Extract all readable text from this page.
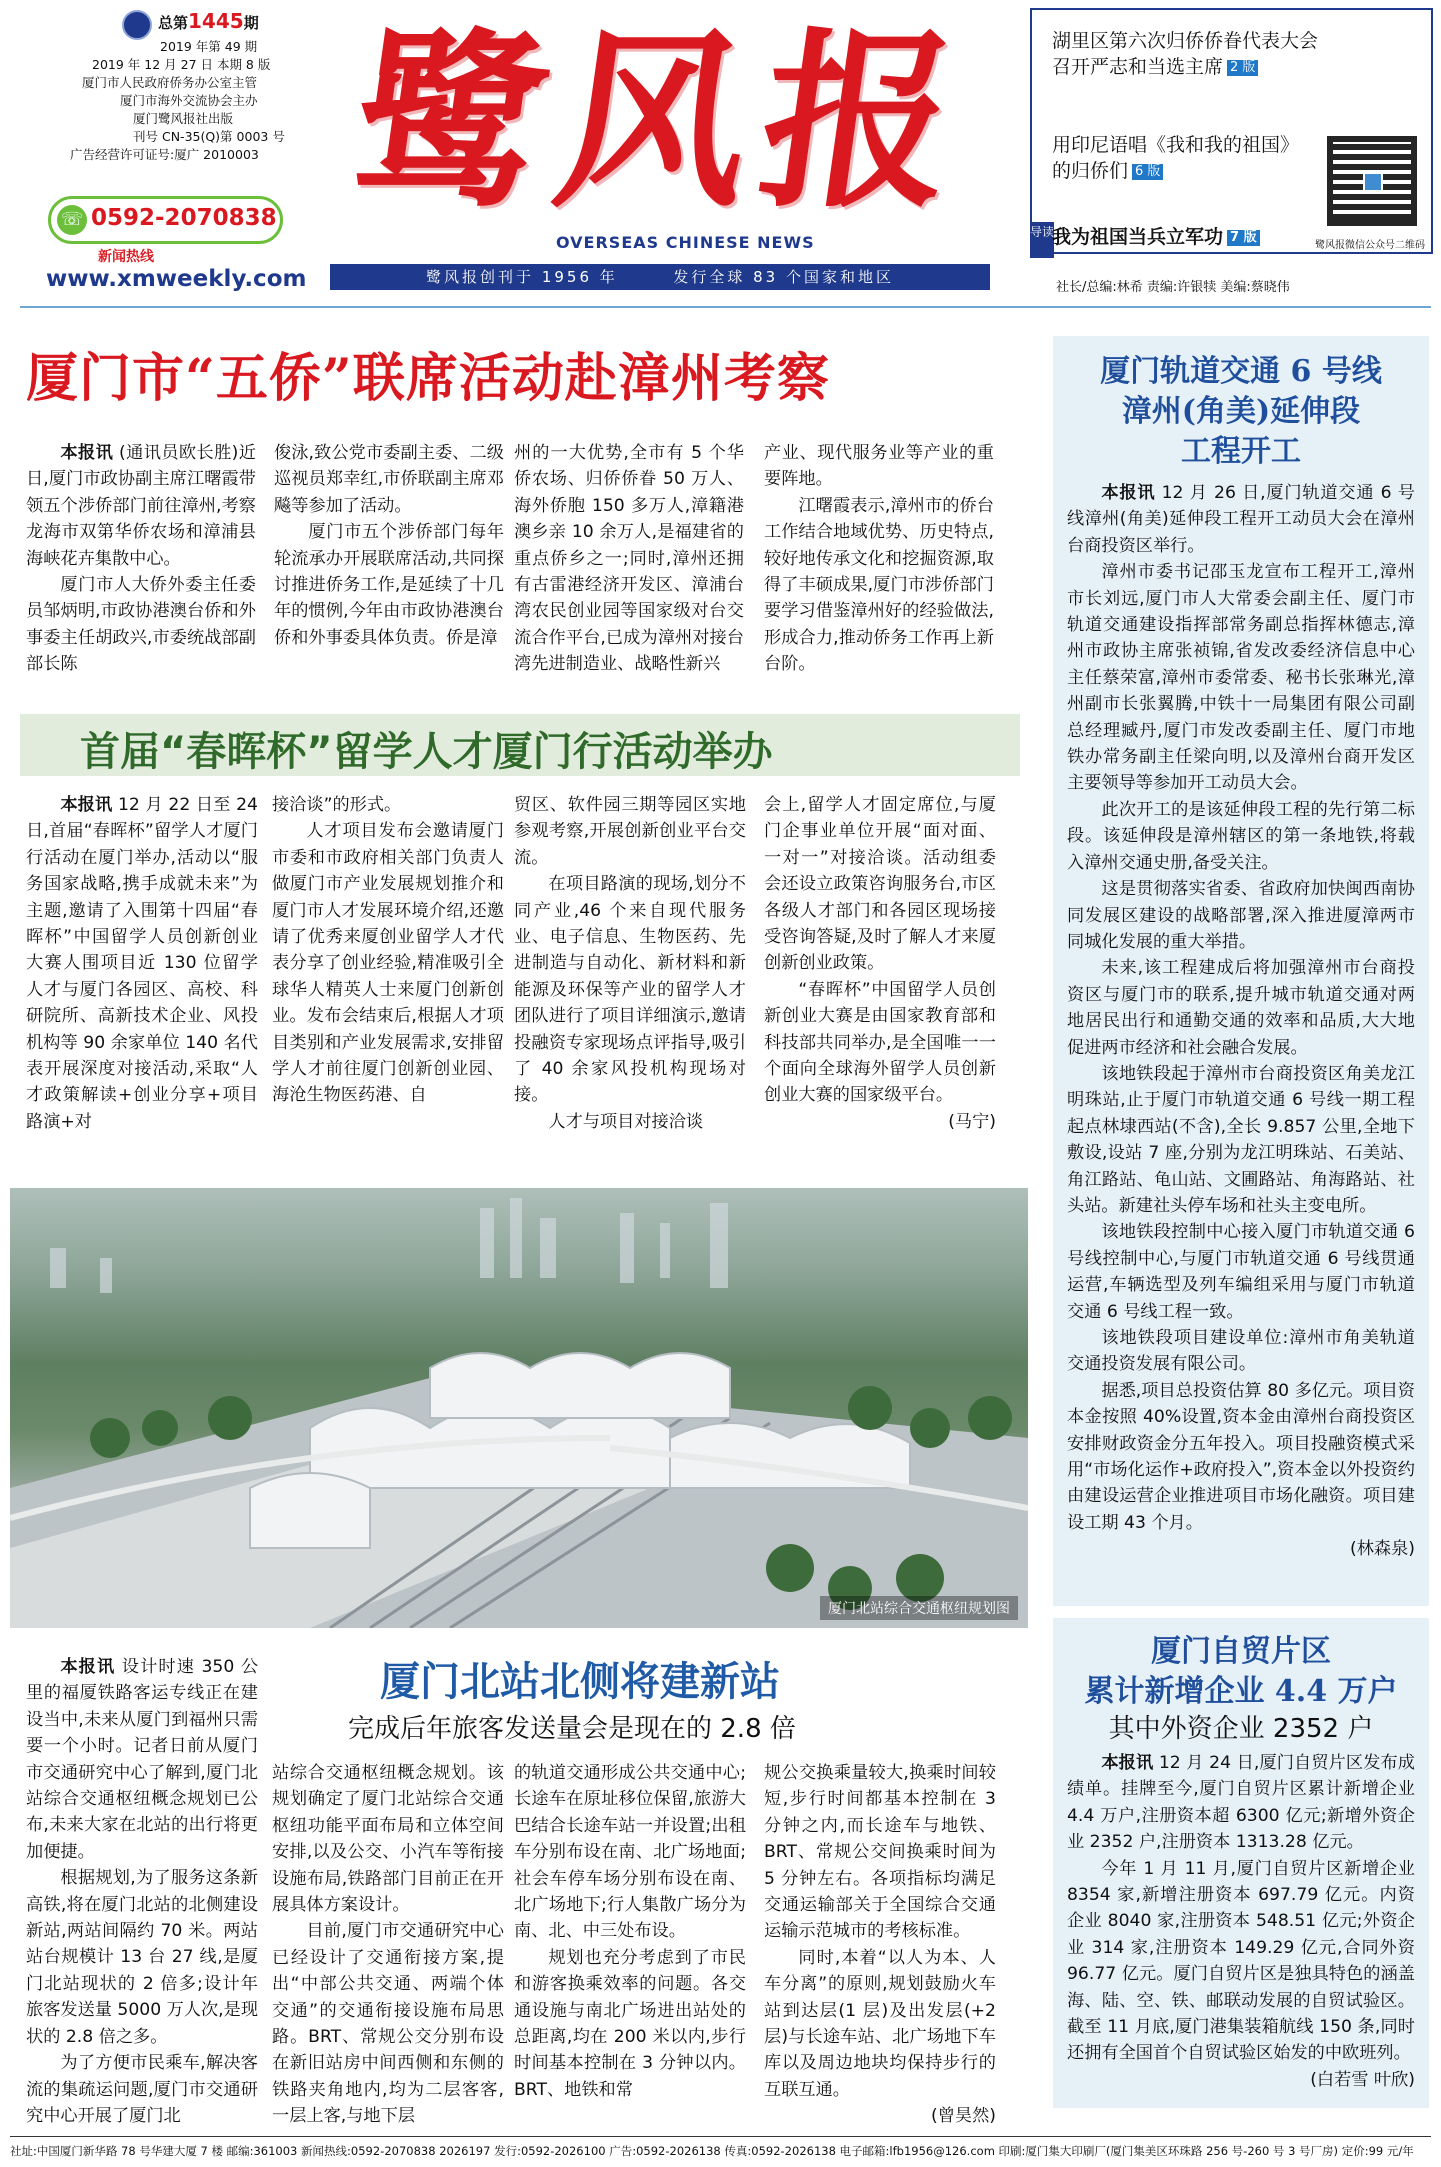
总第1445期
2019 年第 49 期
2019 年 12 月 27 日 本期 8 版
厦门市人民政府侨务办公室主管
厦门市海外交流协会主办
厦门鹭风报社出版
刊号 CN-35(Q)第 0003 号
广告经营许可证号:厦广 2010003
☏ 0592-2070838
新闻热线
www.xmweekly.com
鹭风报
OVERSEAS CHINESE NEWS
鹭风报创刊于 1956 年	发行全球 83 个国家和地区
导读
湖里区第六次归侨侨眷代表大会召开严志和当选主席 2 版
用印尼语唱《我和我的祖国》的归侨们 6 版
我为祖国当兵立军功 7 版
鹭风报微信公众号二维码
社长/总编:林希 责编:许银犊 美编:蔡晓伟
厦门市“五侨”联席活动赴漳州考察

本报讯 (通讯员欧长胜)近日,厦门市政协副主席江曙霞带领五个涉侨部门前往漳州,考察龙海市双第华侨农场和漳浦县海峡花卉集散中心。

厦门市人大侨外委主任委员邹炳明,市政协港澳台侨和外事委主任胡政兴,市委统战部副部长陈

俊泳,致公党市委副主委、二级巡视员郑幸红,市侨联副主席邓飚等参加了活动。

厦门市五个涉侨部门每年轮流承办开展联席活动,共同探讨推进侨务工作,是延续了十几年的惯例,今年由市政协港澳台侨和外事委具体负责。侨是漳

州的一大优势,全市有 5 个华侨农场、归侨侨眷 50 万人、海外侨胞 150 多万人,漳籍港澳乡亲 10 余万人,是福建省的重点侨乡之一;同时,漳州还拥有古雷港经济开发区、漳浦台湾农民创业园等国家级对台交流合作平台,已成为漳州对接台湾先进制造业、战略性新兴

产业、现代服务业等产业的重要阵地。

江曙霞表示,漳州市的侨台工作结合地域优势、历史特点,较好地传承文化和挖掘资源,取得了丰硕成果,厦门市涉侨部门要学习借鉴漳州好的经验做法,形成合力,推动侨务工作再上新台阶。

首届“春晖杯”留学人才厦门行活动举办

本报讯 12 月 22 日至 24 日,首届“春晖杯”留学人才厦门行活动在厦门举办,活动以“服务国家战略,携手成就未来”为主题,邀请了入围第十四届“春晖杯”中国留学人员创新创业大赛人围项目近 130 位留学人才与厦门各园区、高校、科研院所、高新技术企业、风投机构等 90 余家单位 140 名代表开展深度对接活动,采取“人才政策解读+创业分享+项目路演+对

接洽谈”的形式。

人才项目发布会邀请厦门市委和市政府相关部门负责人做厦门市产业发展规划推介和厦门市人才发展环境介绍,还邀请了优秀来厦创业留学人才代表分享了创业经验,精准吸引全球华人精英人士来厦门创新创业。发布会结束后,根据人才项目类别和产业发展需求,安排留学人才前往厦门创新创业园、海沧生物医药港、自

贸区、软件园三期等园区实地参观考察,开展创新创业平台交流。

在项目路演的现场,划分不同产业,46 个来自现代服务业、电子信息、生物医药、先进制造与自动化、新材料和新能源及环保等产业的留学人才团队进行了项目详细演示,邀请投融资专家现场点评指导,吸引了 40 余家风投机构现场对接。

人才与项目对接洽谈

会上,留学人才固定席位,与厦门企事业单位开展“面对面、一对一”对接洽谈。活动组委会还设立政策咨询服务台,市区各级人才部门和各园区现场接受咨询答疑,及时了解人才来厦创新创业政策。

“春晖杯”中国留学人员创新创业大赛是由国家教育部和科技部共同举办,是全国唯一一个面向全球海外留学人员创新创业大赛的国家级平台。

(马宁)

厦门北站综合交通枢纽规划图
厦门北站北侧将建新站
完成后年旅客发送量会是现在的 2.8 倍

本报讯 设计时速 350 公里的福厦铁路客运专线正在建设当中,未来从厦门到福州只需要一个小时。记者日前从厦门市交通研究中心了解到,厦门北站综合交通枢纽概念规划已公布,未来大家在北站的出行将更加便捷。

根据规划,为了服务这条新高铁,将在厦门北站的北侧建设新站,两站间隔约 70 米。两站站台规模计 13 台 27 线,是厦门北站现状的 2 倍多;设计年旅客发送量 5000 万人次,是现状的 2.8 倍之多。

为了方便市民乘车,解决客流的集疏运问题,厦门市交通研究中心开展了厦门北

站综合交通枢纽概念规划。该规划确定了厦门北站综合交通枢纽功能平面布局和立体空间安排,以及公交、小汽车等衔接设施布局,铁路部门目前正在开展具体方案设计。

目前,厦门市交通研究中心已经设计了交通衔接方案,提出“中部公共交通、两端个体交通”的交通衔接设施布局思路。BRT、常规公交分别布设在新旧站房中间西侧和东侧的铁路夹角地内,均为二层客客,一层上客,与地下层

的轨道交通形成公共交通中心;长途车在原址移位保留,旅游大巴结合长途车站一并设置;出租车分别布设在南、北广场地面;社会车停车场分别布设在南、北广场地下;行人集散广场分为南、北、中三处布设。

规划也充分考虑到了市民和游客换乘效率的问题。各交通设施与南北广场进出站处的总距离,均在 200 米以内,步行时间基本控制在 3 分钟以内。BRT、地铁和常

规公交换乘量较大,换乘时间较短,步行时间都基本控制在 3 分钟之内,而长途车与地铁、BRT、常规公交间换乘时间为 5 分钟左右。各项指标均满足交通运输部关于全国综合交通运输示范城市的考核标准。

同时,本着“以人为本、人车分离”的原则,规划鼓励火车站到达层(1 层)及出发层(+2 层)与长途车站、北广场地下车库以及周边地块均保持步行的互联互通。

(曾昊然)

厦门轨道交通 6 号线
漳州(角美)延伸段
工程开工

本报讯 12 月 26 日,厦门轨道交通 6 号线漳州(角美)延伸段工程开工动员大会在漳州台商投资区举行。

漳州市委书记邵玉龙宣布工程开工,漳州市长刘远,厦门市人大常委会副主任、厦门市轨道交通建设指挥部常务副总指挥林德志,漳州市政协主席张祯锦,省发改委经济信息中心主任蔡荣富,漳州市委常委、秘书长张琳光,漳州副市长张翼腾,中铁十一局集团有限公司副总经理臧丹,厦门市发改委副主任、厦门市地铁办常务副主任梁向明,以及漳州台商开发区主要领导等参加开工动员大会。

此次开工的是该延伸段工程的先行第二标段。该延伸段是漳州辖区的第一条地铁,将载入漳州交通史册,备受关注。

这是贯彻落实省委、省政府加快闽西南协同发展区建设的战略部署,深入推进厦漳两市同城化发展的重大举措。

未来,该工程建成后将加强漳州市台商投资区与厦门市的联系,提升城市轨道交通对两地居民出行和通勤交通的效率和品质,大大地促进两市经济和社会融合发展。

该地铁段起于漳州市台商投资区角美龙江明珠站,止于厦门市轨道交通 6 号线一期工程起点林埭西站(不含),全长 9.857 公里,全地下敷设,设站 7 座,分别为龙江明珠站、石美站、角江路站、龟山站、文圃路站、角海路站、社头站。新建社头停车场和社头主变电所。

该地铁段控制中心接入厦门市轨道交通 6 号线控制中心,与厦门市轨道交通 6 号线贯通运营,车辆选型及列车编组采用与厦门市轨道交通 6 号线工程一致。

该地铁段项目建设单位:漳州市角美轨道交通投资发展有限公司。

据悉,项目总投资估算 80 多亿元。项目资本金按照 40%设置,资本金由漳州台商投资区安排财政资金分五年投入。项目投融资模式采用“市场化运作+政府投入”,资本金以外投资约由建设运营企业推进项目市场化融资。项目建设工期 43 个月。

(林森泉)

厦门自贸片区
累计新增企业 4.4 万户
其中外资企业 2352 户

本报讯 12 月 24 日,厦门自贸片区发布成绩单。挂牌至今,厦门自贸片区累计新增企业 4.4 万户,注册资本超 6300 亿元;新增外资企业 2352 户,注册资本 1313.28 亿元。

今年 1 月 11 月,厦门自贸片区新增企业 8354 家,新增注册资本 697.79 亿元。内资企业 8040 家,注册资本 548.51 亿元;外资企业 314 家,注册资本 149.29 亿元,合同外资 96.77 亿元。厦门自贸片区是独具特色的涵盖海、陆、空、铁、邮联动发展的自贸试验区。截至 11 月底,厦门港集装箱航线 150 条,同时还拥有全国首个自贸试验区始发的中欧班列。

(白若雪 叶欣)

社址:中国厦门新华路 78 号华建大厦 7 楼 邮编:361003 新闻热线:0592-2070838 2026197 发行:0592-2026100 广告:0592-2026138 传真:0592-2026138 电子邮箱:lfb1956@126.com 印刷:厦门集大印刷厂(厦门集美区环珠路 256 号-260 号 3 号厂房) 定价:99 元/年
